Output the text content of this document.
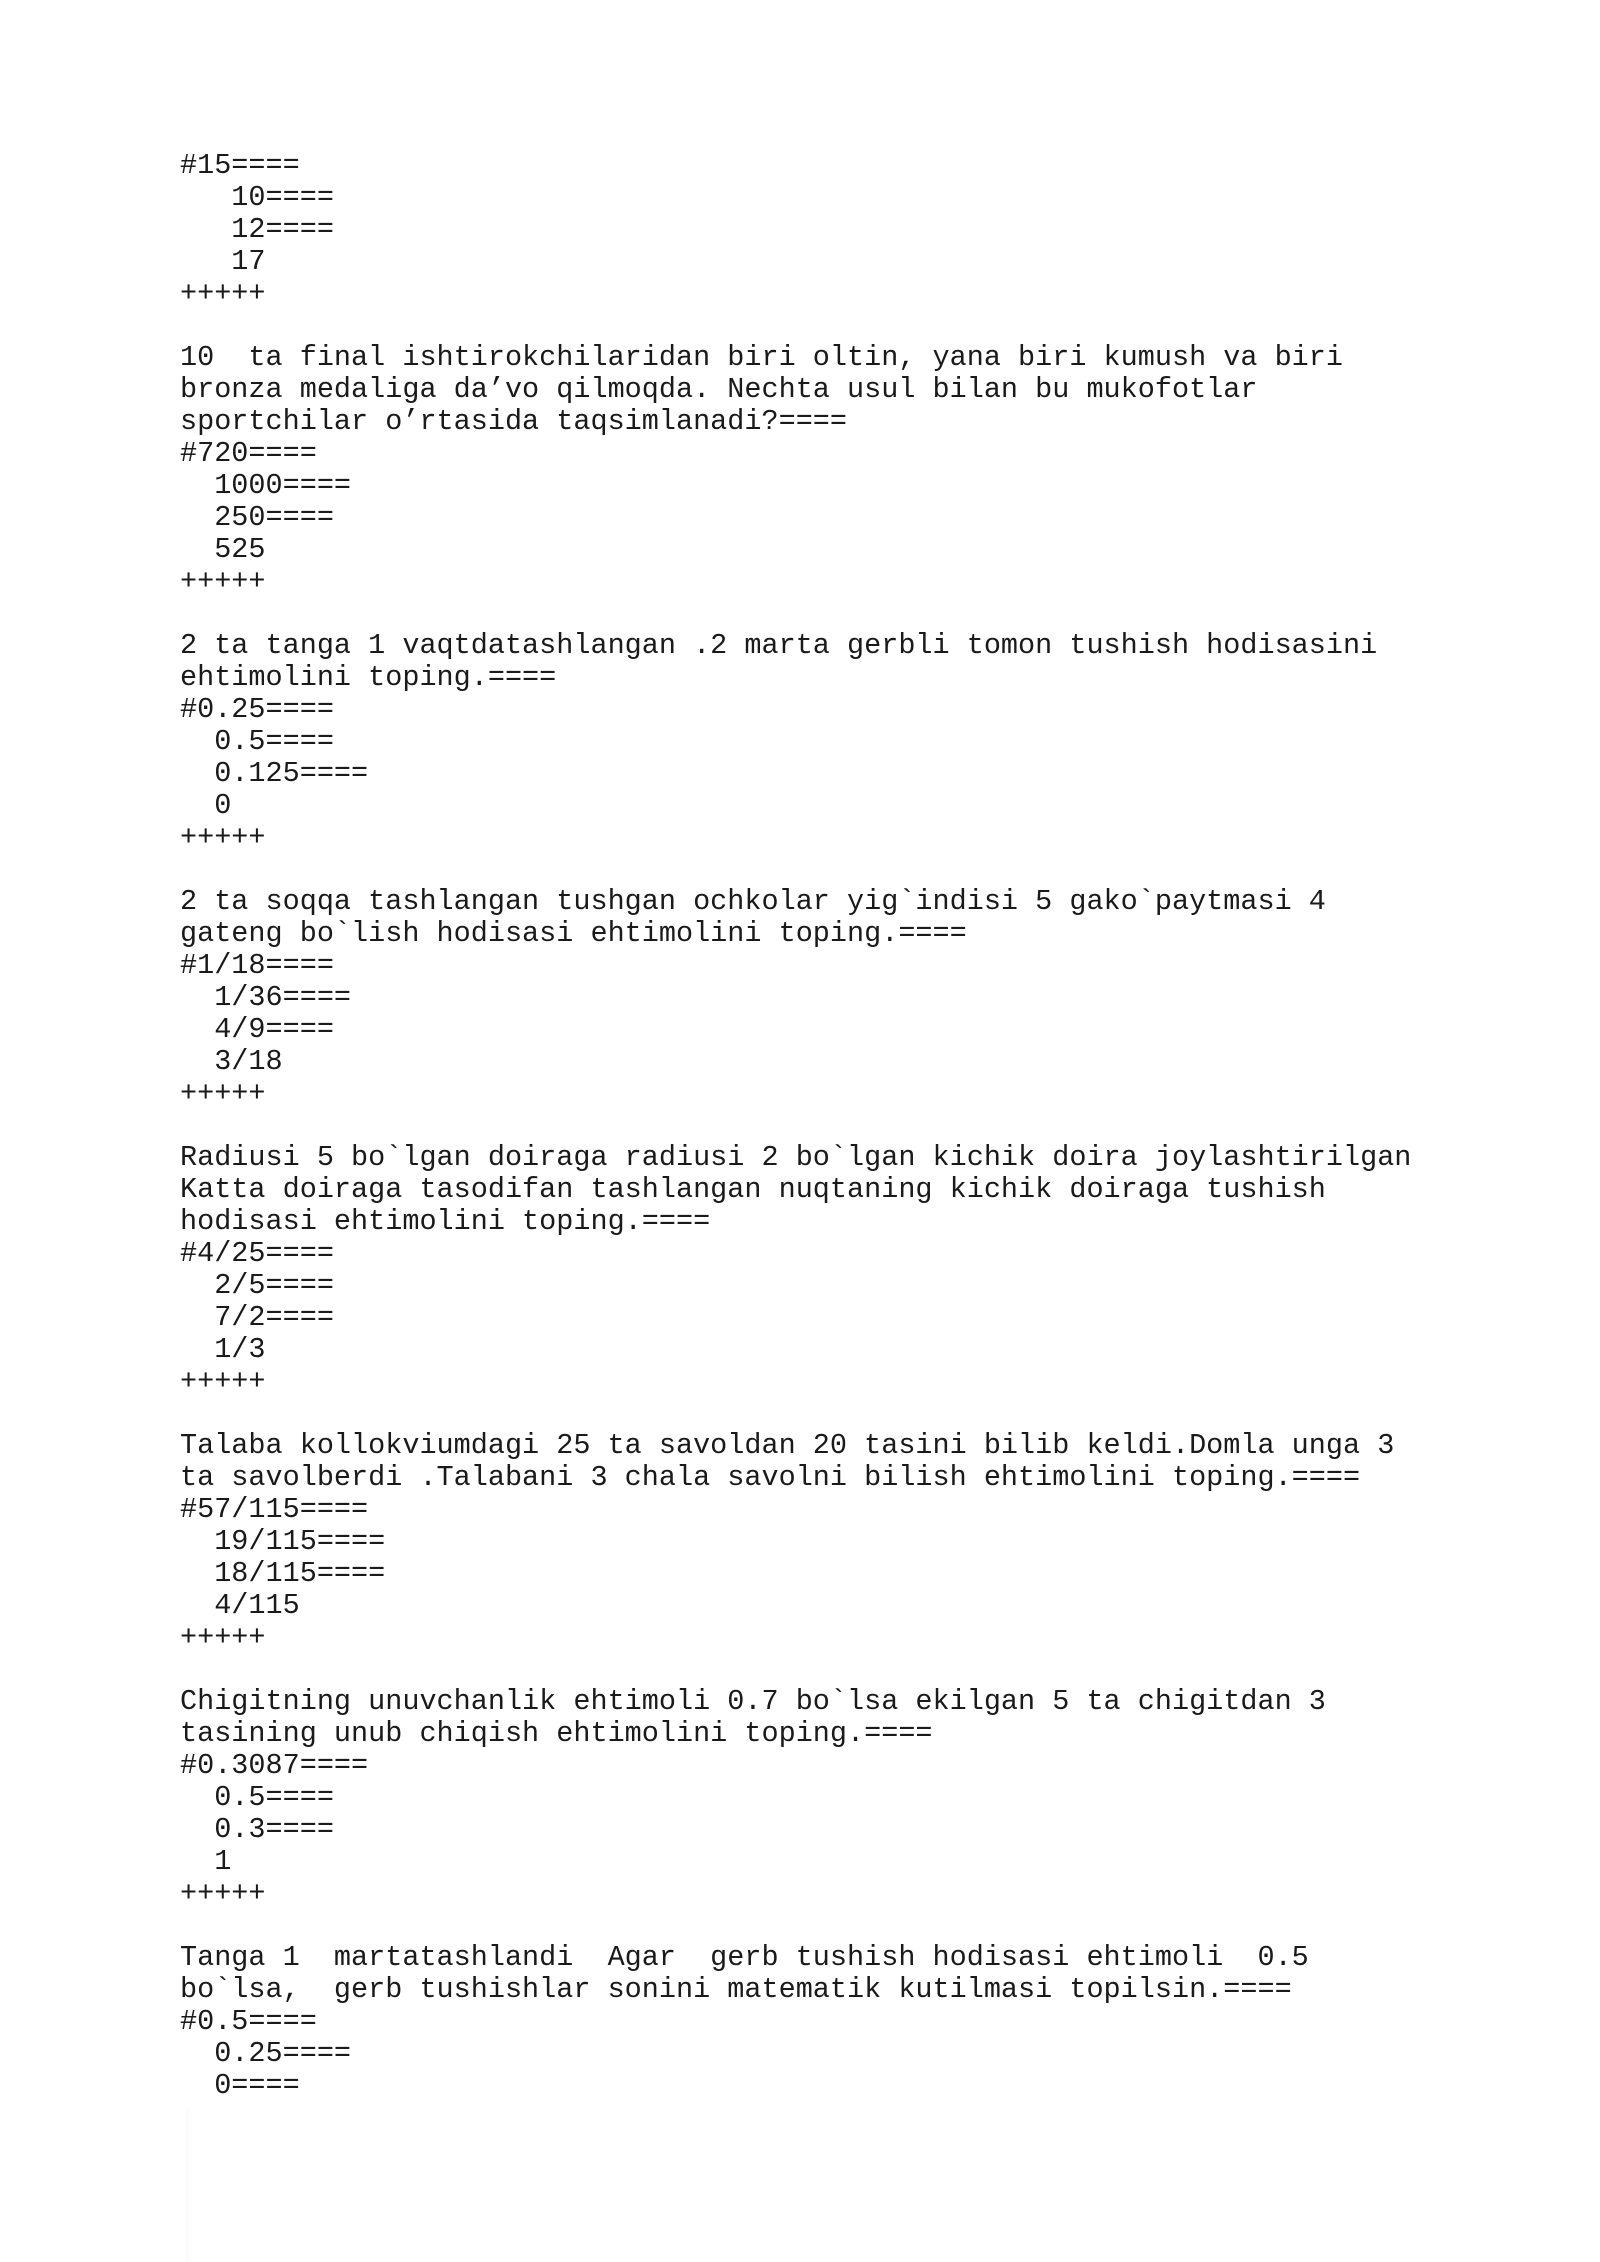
#15====
10====
12====
17
+++++
10  ta final ishtirokchilaridan biri oltin, yana biri kumush va biri
bronza medaliga da’vo qilmoqda. Nechta usul bilan bu mukofotlar
sportchilar o’rtasida taqsimlanadi?====
#720====
1000====
250====
525
+++++
2 ta tanga 1 vaqtdatashlangan .2 marta gerbli tomon tushish hodisasini
ehtimolini toping.====
#0.25====
0.5====
0.125====
0
+++++
2 ta soqqa tashlangan tushgan ochkolar yig`indisi 5 gako`paytmasi 4
gateng bo`lish hodisasi ehtimolini toping.====
#1/18====
1/36====
4/9====
3/18
+++++
Radiusi 5 bo`lgan doiraga radiusi 2 bo`lgan kichik doira joylashtirilgan
Katta doiraga tasodifan tashlangan nuqtaning kichik doiraga tushish
hodisasi ehtimolini toping.====
#4/25====
2/5====
7/2====
1/3
+++++
Talaba kollokviumdagi 25 ta savoldan 20 tasini bilib keldi.Domla unga 3
ta savolberdi .Talabani 3 chala savolni bilish ehtimolini toping.====
#57/115====
19/115====
18/115====
4/115
+++++
Chigitning unuvchanlik ehtimoli 0.7 bo`lsa ekilgan 5 ta chigitdan 3
tasining unub chiqish ehtimolini toping.====
#0.3087====
0.5====
0.3====
1
+++++
Tanga 1  martatashlandi  Agar  gerb tushish hodisasi ehtimoli  0.5
bo`lsa,  gerb tushishlar sonini matematik kutilmasi topilsin.====
#0.5====
0.25====
0====
